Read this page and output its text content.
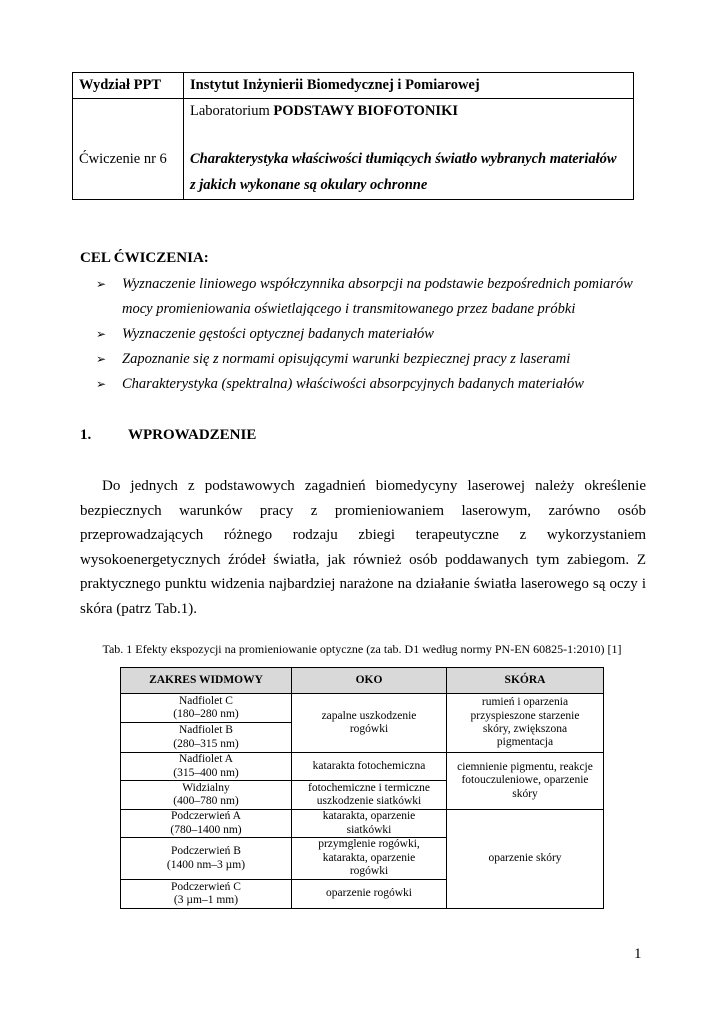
Wydział PPT Instytut Inżynierii Biomedycznej i Pomiarowej
Laboratorium PODSTAWY BIOFOTONIKI
Ćwiczenie nr 6 Charakterystyka właściwości tłumiących światło wybranych materiałów
z jakich wykonane są okulary ochronne
CEL ĆWICZENIA:
➢ Wyznaczenie liniowego współczynnika absorpcji na podstawie bezpośrednich pomiarów
mocy promieniowania oświetlającego i transmitowanego przez badane próbki
➢ Wyznaczenie gęstości optycznej badanych materiałów
➢ Zapoznanie się z normami opisującymi warunki bezpiecznej pracy z laserami
➢ Charakterystyka (spektralna) właściwości absorpcyjnych badanych materiałów
1. WPROWADZENIE
Do jednych z podstawowych zagadnień biomedycyny laserowej należy określenie
bezpiecznych warunków pracy z promieniowaniem laserowym, zarówno osób
przeprowadzających różnego rodzaju zbiegi terapeutyczne z wykorzystaniem
wysokoenergetycznych źródeł światła, jak również osób poddawanych tym zabiegom. Z
praktycznego punktu widzenia najbardziej narażone na działanie światła laserowego są oczy i
skóra (patrz Tab.1).
Tab. 1 Efekty ekspozycji na promieniowanie optyczne (za tab. D1 według normy PN-EN 60825-1:2010) [1]
ZAKRES WIDMOWY	OKO	SKÓRA
Nadfiolet C
(180–280 nm)
Nadfiolet B
(280–315 nm)
Nadfiolet A
(315–400 nm)
Widzialny
(400–780 nm)
Podczerwień A
(780–1400 nm)
Podczerwień B
(1400 nm–3 µm)
Podczerwień C
(3 µm–1 mm)
zapalne uszkodzenie
rogówki
katarakta fotochemiczna
fotochemiczne i termiczne
uszkodzenie siatkówki
katarakta, oparzenie
siatkówki
przymglenie rogówki,
katarakta, oparzenie
rogówki
oparzenie rogówki
rumień i oparzenia
przyspieszone starzenie
skóry, zwiększona
pigmentacja
ciemnienie pigmentu, reakcje
fotouczuleniowe, oparzenie
skóry
oparzenie skóry
1
